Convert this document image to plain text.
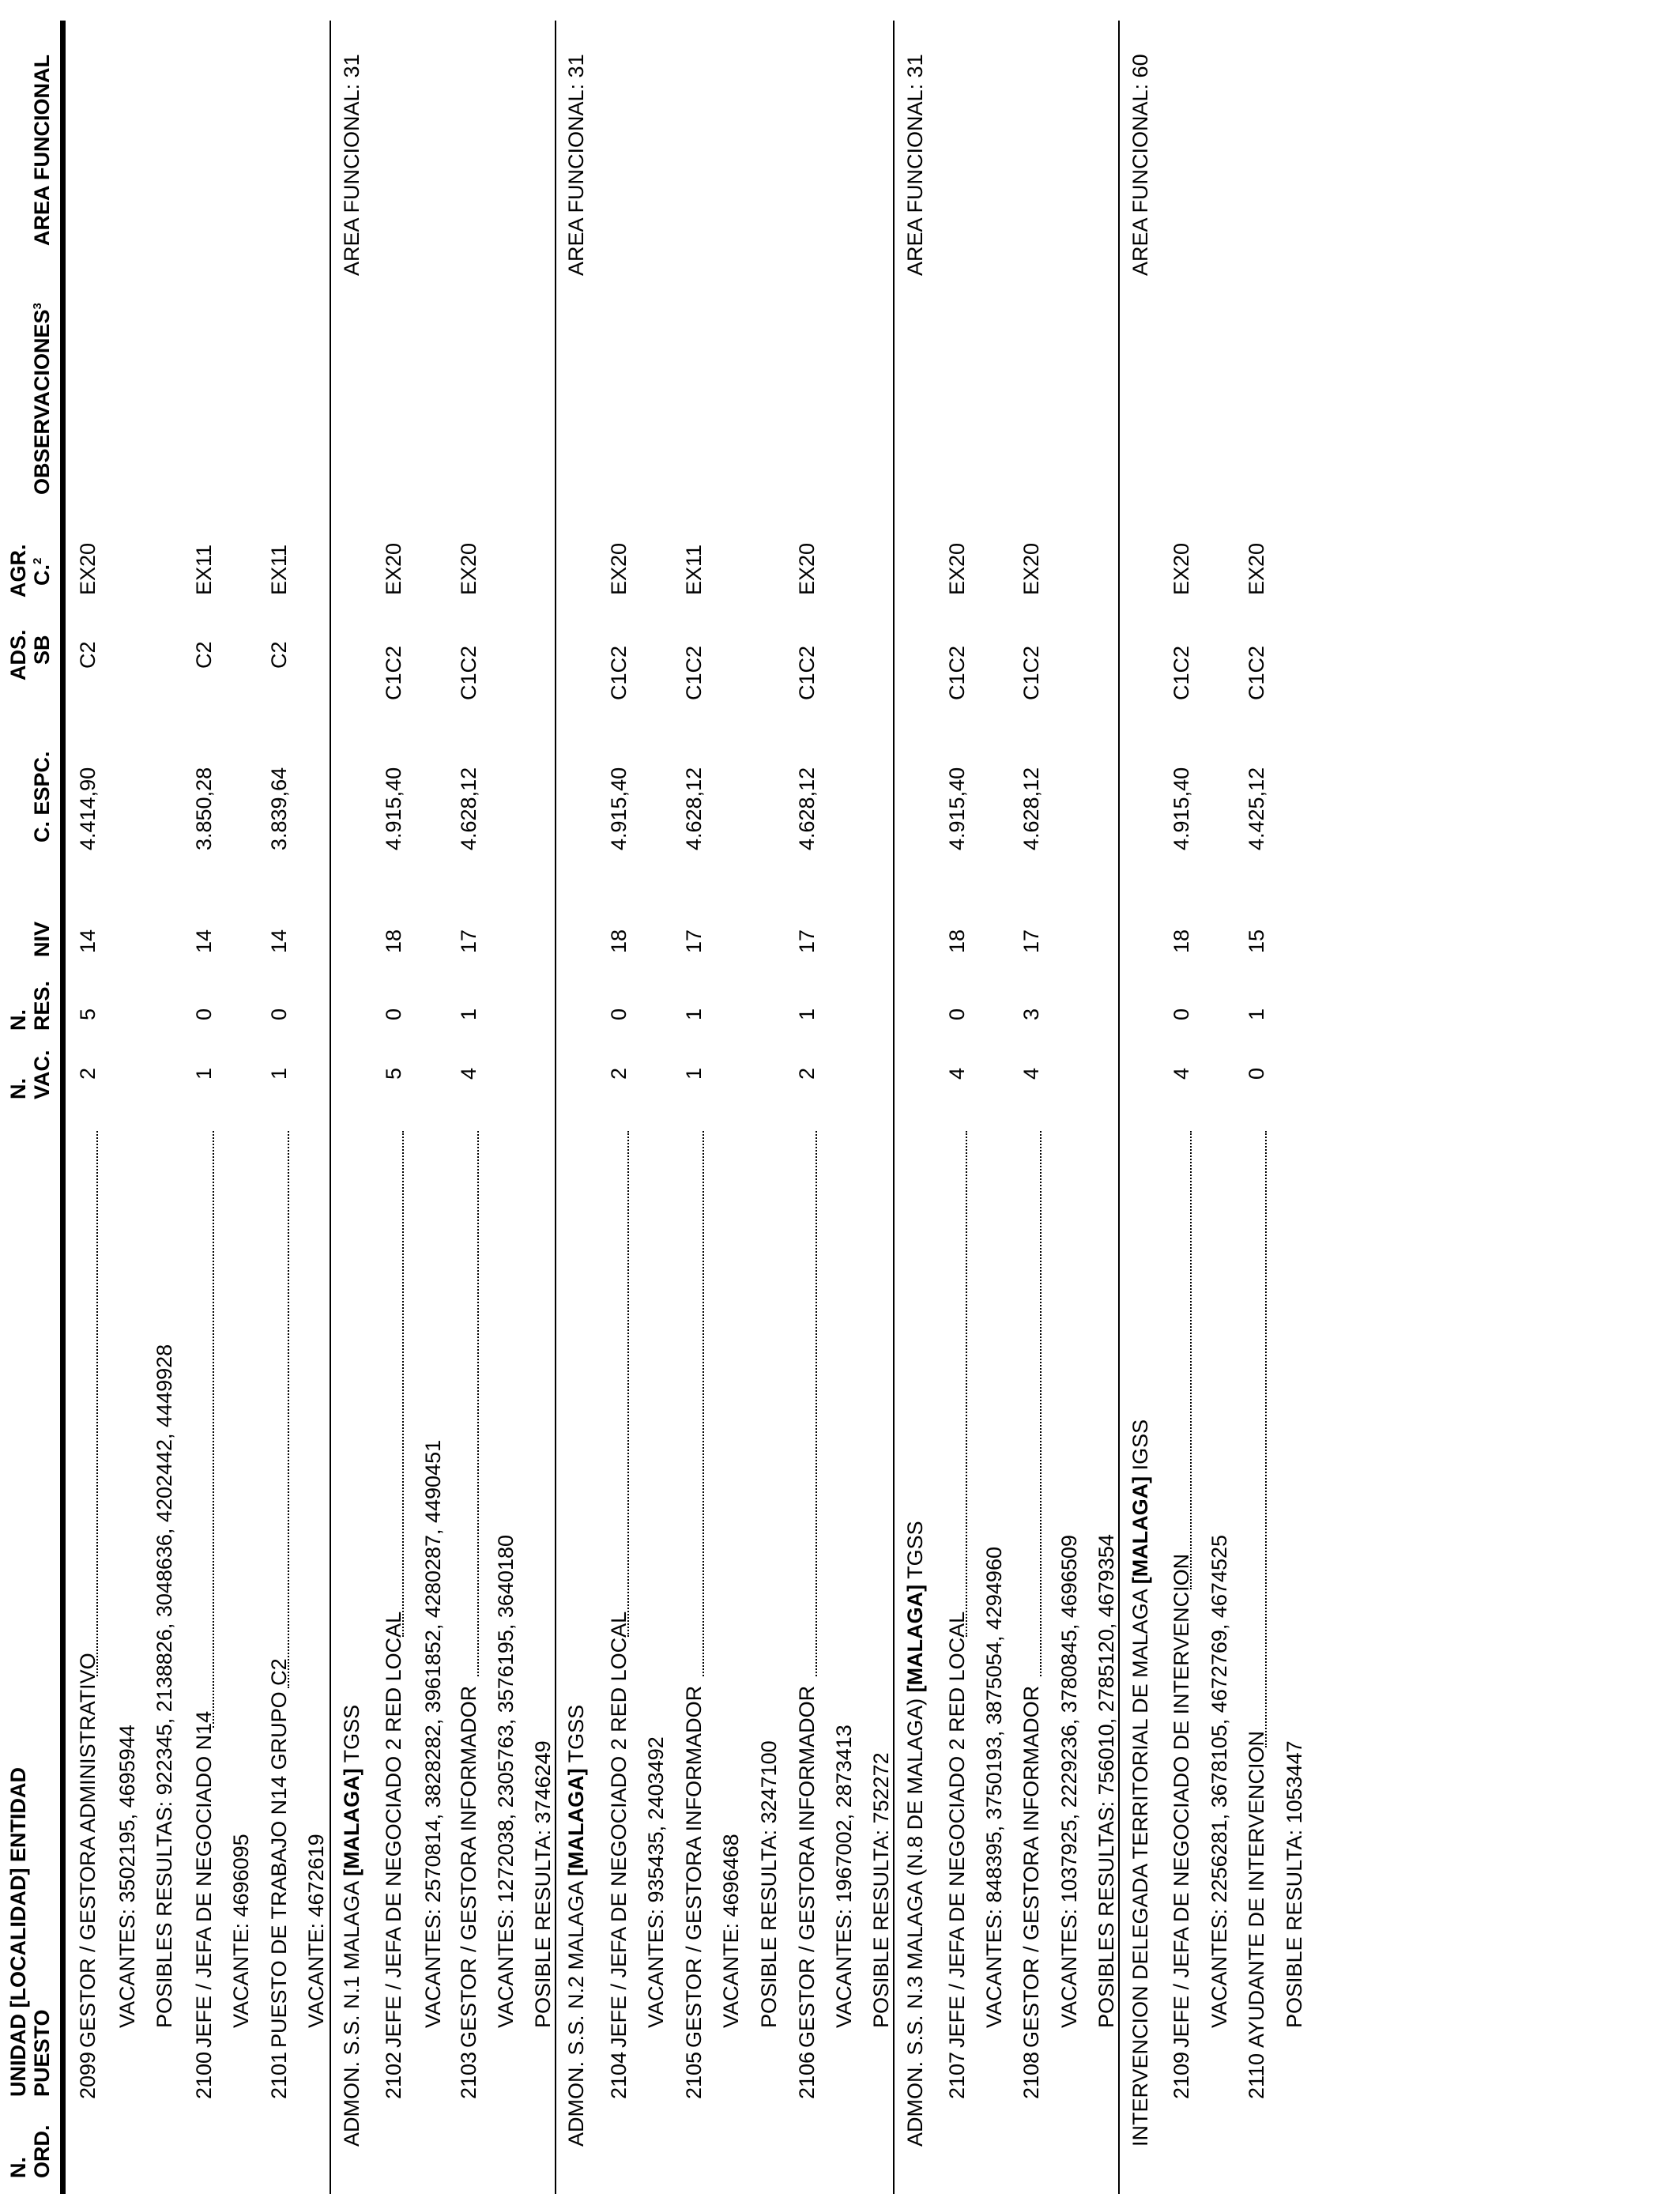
N. ORD.
UNIDAD [LOCALIDAD] ENTIDAD PUESTO
N. VAC.
N. RES.
NIV
C. ESPC.
ADS. SB
AGR. C.$^2$
OBSERVACIONES$^3$
AREA FUNCIONAL
2099
GESTOR / GESTORA ADMINISTRATIVO
2
5
14
4.414,90
C2
EX20
VACANTES: 3502195, 4695944 POSIBLES RESULTAS: 922345, 2138826, 3048636, 4202442, 4449928
2100
JEFE / JEFA DE NEGOCIADO N14
1
0
14
3.850,28
C2
EX11
VACANTE: 4696095
2101
PUESTO DE TRABAJO N14 GRUPO C2
1
0
14
3.839,64
C2
EX11
VACANTE: 4672619 ADMON. S.S. N.1 MALAGA [MALAGA] TGSS
AREA FUNCIONAL: 31
2102
JEFE / JEFA DE NEGOCIADO 2 RED LOCAL
5
0
18
4.915,40
C1C2
EX20
VACANTES: 2570814, 3828282, 3961852, 4280287, 4490451
2103
GESTOR / GESTORA INFORMADOR
4
1
17
4.628,12
C1C2
EX20
VACANTES: 1272038, 2305763, 3576195, 3640180 POSIBLE RESULTA: 3746249 ADMON. S.S. N.2 MALAGA [MALAGA] TGSS
AREA FUNCIONAL: 31
2104
JEFE / JEFA DE NEGOCIADO 2 RED LOCAL
2
0
18
4.915,40
C1C2
EX20
VACANTES: 935435, 2403492
2105
GESTOR / GESTORA INFORMADOR
1
1
17
4.628,12
C1C2
EX11
VACANTE: 4696468 POSIBLE RESULTA: 3247100
2106
GESTOR / GESTORA INFORMADOR
2
1
17
4.628,12
C1C2
EX20
VACANTES: 1967002, 2873413 POSIBLE RESULTA: 752272 ADMON. S.S. N.3 MALAGA (N.8 DE MALAGA) [MALAGA] TGSS
AREA FUNCIONAL: 31
2107
JEFE / JEFA DE NEGOCIADO 2 RED LOCAL
4
0
18
4.915,40
C1C2
EX20
VACANTES: 848395, 3750193, 3875054, 4294960
2108
GESTOR / GESTORA INFORMADOR
4
3
17
4.628,12
C1C2
EX20
VACANTES: 1037925, 2229236, 3780845, 4696509 POSIBLES RESULTAS: 756010, 2785120, 4679354 INTERVENCION DELEGADA TERRITORIAL DE MALAGA [MALAGA] IGSS
AREA FUNCIONAL: 60
2109
JEFE / JEFA DE NEGOCIADO DE INTERVENCION
4
0
18
4.915,40
C1C2
EX20
VACANTES: 2256281, 3678105, 4672769, 4674525
2110
AYUDANTE DE INTERVENCION
0
1
15
4.425,12
C1C2
EX20
POSIBLE RESULTA: 1053447
